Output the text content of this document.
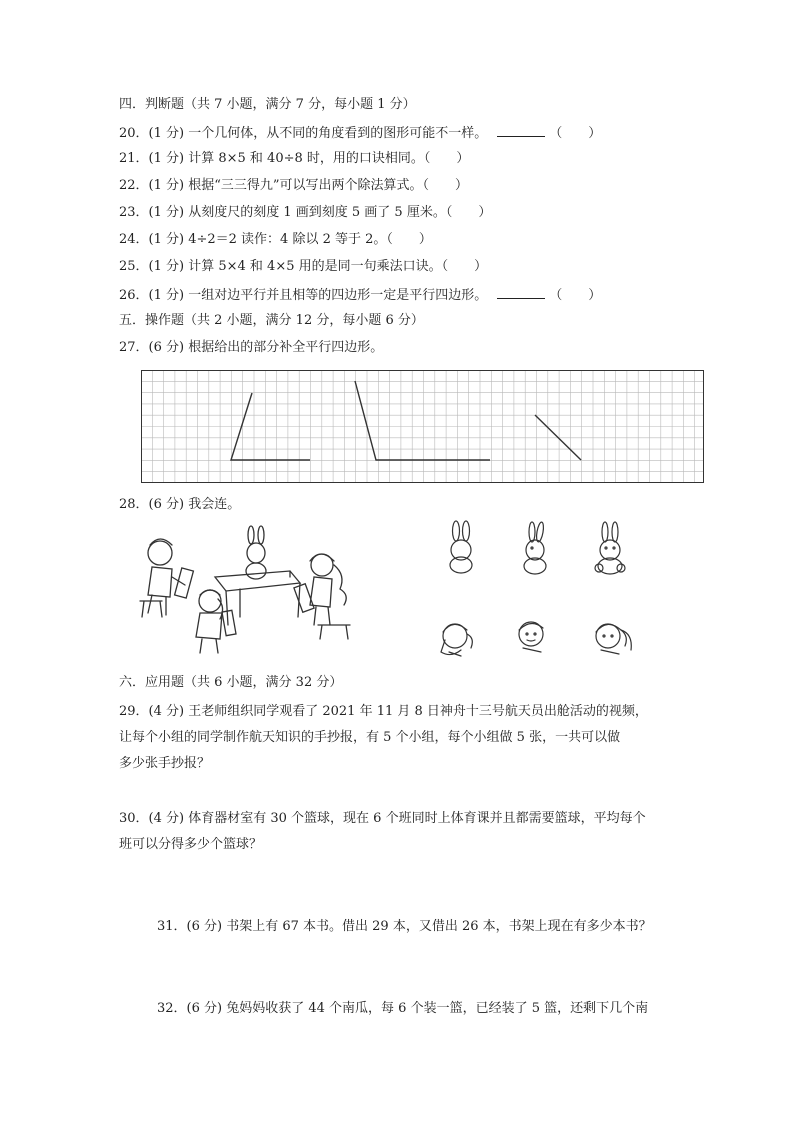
四．判断题（共 7 小题，满分 7 分，每小题 1 分）
20．(1 分) 一个几何体，从不同的角度看到的图形可能不一样。	（　　）
21．(1 分) 计算 8×5 和 40÷8 时，用的口诀相同。（　　）
22．(1 分) 根据“三三得九”可以写出两个除法算式。（　　）
23．(1 分) 从刻度尺的刻度 1 画到刻度 5 画了 5 厘米。（　　）
24．(1 分) 4÷2＝2 读作：4 除以 2 等于 2。（　　）
25．(1 分) 计算 5×4 和 4×5 用的是同一句乘法口诀。（　　）
26．(1 分) 一组对边平行并且相等的四边形一定是平行四边形。	（　　）
五．操作题（共 2 小题，满分 12 分，每小题 6 分）
27．(6 分) 根据给出的部分补全平行四边形。
28．(6 分) 我会连。
六．应用题（共 6 小题，满分 32 分）
29．(4 分) 王老师组织同学观看了 2021 年 11 月 8 日神舟十三号航天员出舱活动的视频，
让每个小组的同学制作航天知识的手抄报，有 5 个小组，每个小组做 5 张，一共可以做
多少张手抄报？
30．(4 分) 体育器材室有 30 个篮球，现在 6 个班同时上体育课并且都需要篮球，平均每个
班可以分得多少个篮球？
31．(6 分) 书架上有 67 本书。借出 29 本，又借出 26 本，书架上现在有多少本书？
32．(6 分) 兔妈妈收获了 44 个南瓜，每 6 个装一篮，已经装了 5 篮，还剩下几个南
